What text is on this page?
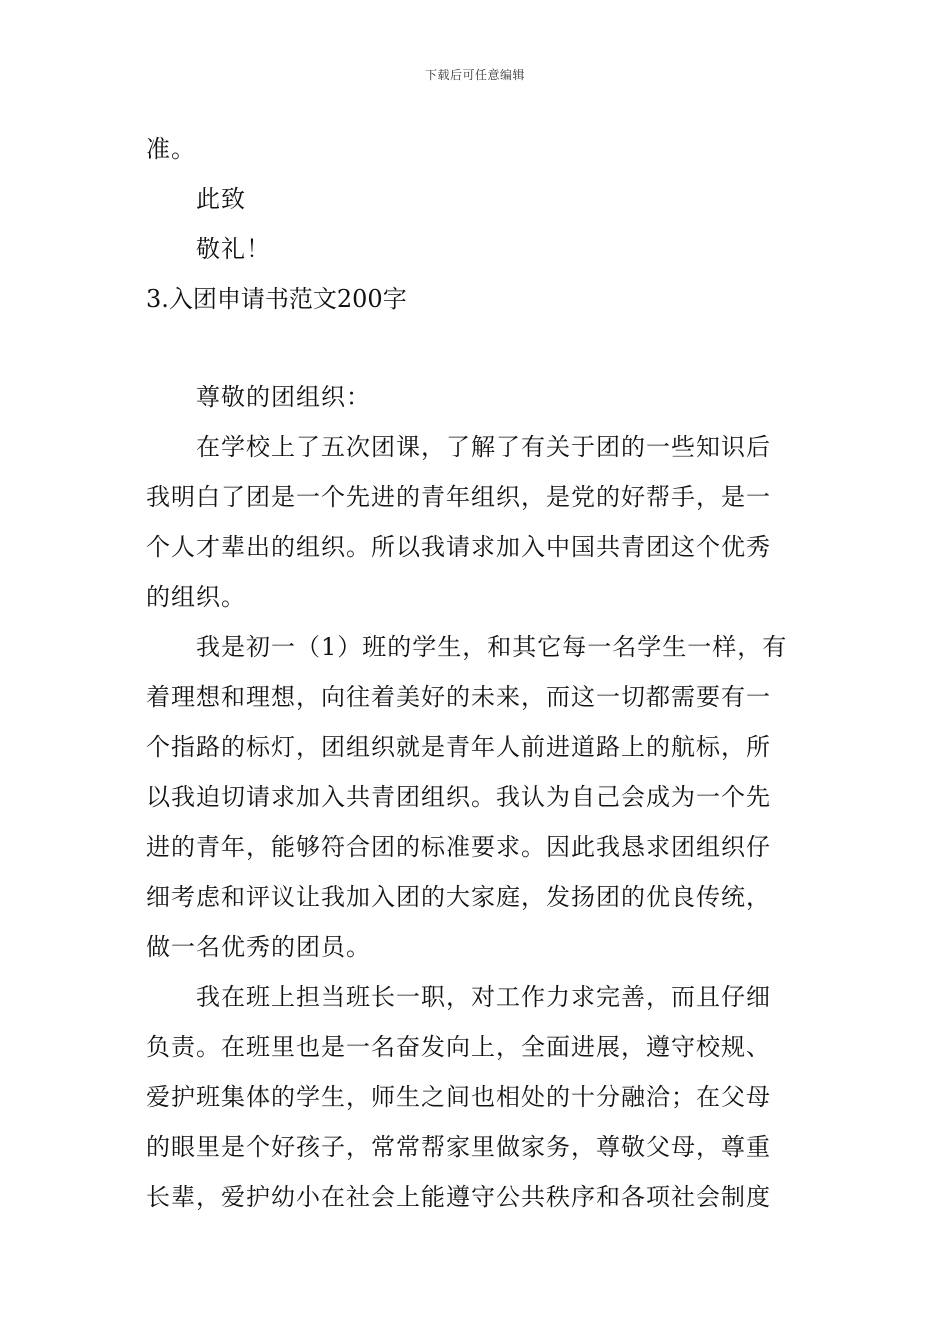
下载后可任意编辑
准。
此致
敬礼！
3.入团申请书范文200字
尊敬的团组织：
在学校上了五次团课，了解了有关于团的一些知识后
我明白了团是一个先进的青年组织，是党的好帮手，是一
个人才辈出的组织。所以我请求加入中国共青团这个优秀
的组织。
我是初一（1）班的学生，和其它每一名学生一样，有
着理想和理想，向往着美好的未来，而这一切都需要有一
个指路的标灯，团组织就是青年人前进道路上的航标，所
以我迫切请求加入共青团组织。我认为自己会成为一个先
进的青年，能够符合团的标准要求。因此我恳求团组织仔
细考虑和评议让我加入团的大家庭，发扬团的优良传统，
做一名优秀的团员。
我在班上担当班长一职，对工作力求完善，而且仔细
负责。在班里也是一名奋发向上，全面进展，遵守校规、
爱护班集体的学生，师生之间也相处的十分融洽；在父母
的眼里是个好孩子，常常帮家里做家务，尊敬父母，尊重
长辈，爱护幼小在社会上能遵守公共秩序和各项社会制度
